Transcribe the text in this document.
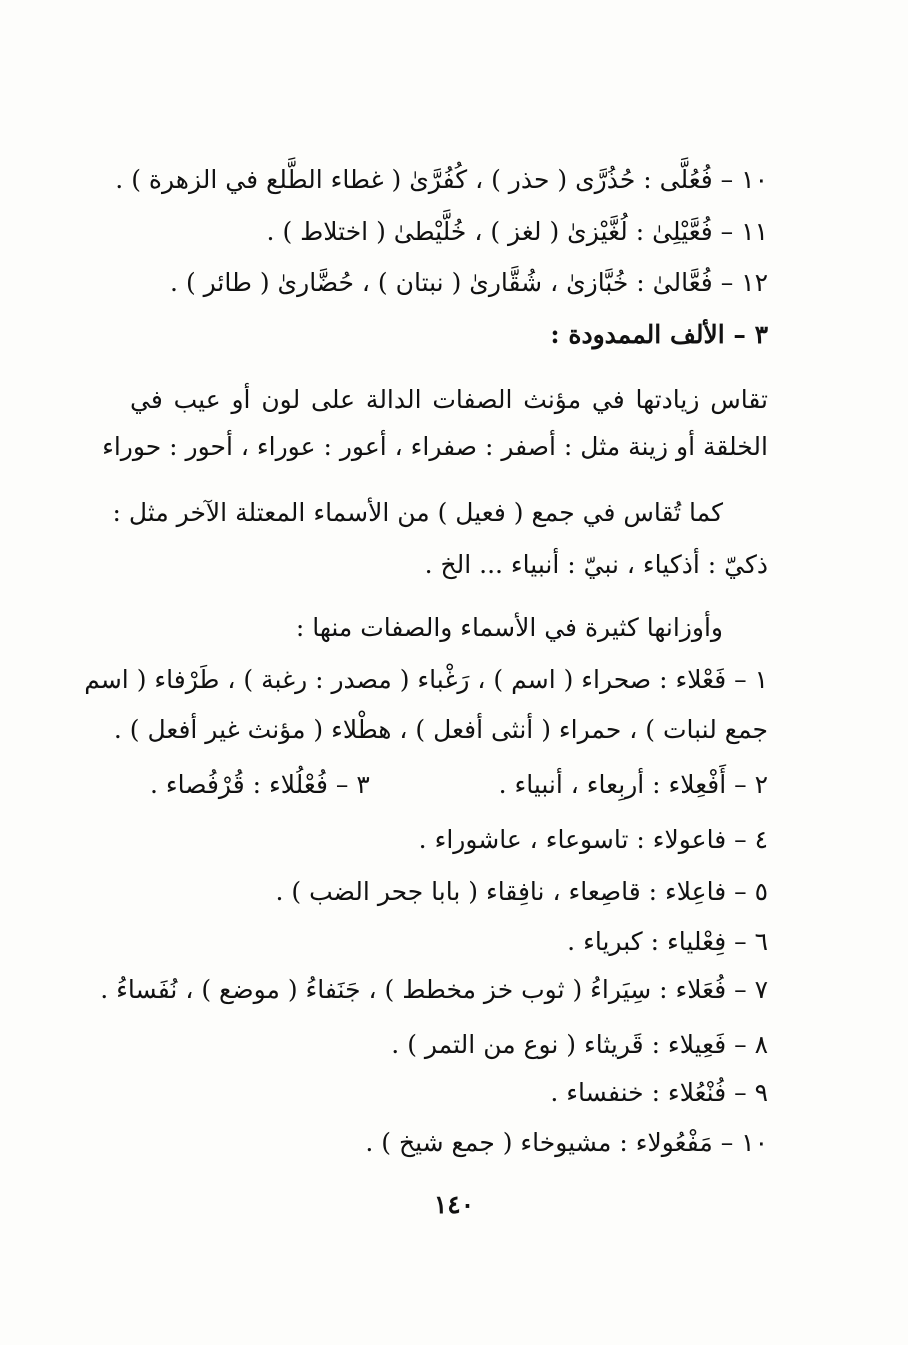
١٠ – فُعُلَّى : حُذُرَّى ( حذر ) ، كُفُرَّىٰ ( غطاء الطَّلع في الزهرة ) .
١١ – فُعَّيْلِىٰ : لُغَّيْزىٰ ( لغز ) ، خُلَّيْطىٰ ( اختلاط ) .
١٢ – فُعَّالىٰ : خُبَّازىٰ ، شُقَّارىٰ ( نبتان ) ، حُضَّارىٰ ( طائر ) .
٣ – الألف الممدودة :
تقاس زيادتها في مؤنث الصفات الدالة على لون أو عيب في
الخلقة أو زينة مثل : أصفر : صفراء ، أعور : عوراء ، أحور : حوراء
كما تُقاس في جمع ( فعيل ) من الأسماء المعتلة الآخر مثل :
ذكيّ : أذكياء ، نبيّ : أنبياء ... الخ .
وأوزانها كثيرة في الأسماء والصفات منها :
١ – فَعْلاء : صحراء ( اسم ) ، رَغْباء ( مصدر : رغبة ) ، طَرْفاء ( اسم
جمع لنبات ) ، حمراء ( أنثى أفعل ) ، هطْلاء ( مؤنث غير أفعل ) .
٢ – أَفْعِلاء : أربِعاء ، أنبياء .
٣ – فُعْلُلاء : قُرْفُصاء .
٤ – فاعولاء : تاسوعاء ، عاشوراء .
٥ – فاعِلاء : قاصِعاء ، نافِقاء ( بابا جحر الضب ) .
٦ – فِعْلياء : كبرياء .
٧ – فُعَلاء : سِيَراءُ ( ثوب خز مخطط ) ، جَنَفاءُ ( موضع ) ، نُفَساءُ .
٨ – فَعِيلاء : قَريثاء ( نوع من التمر ) .
٩ – فُنْعُلاء : خنفساء .
١٠ – مَفْعُولاء : مشيوخاء ( جمع شيخ ) .
١٤٠
